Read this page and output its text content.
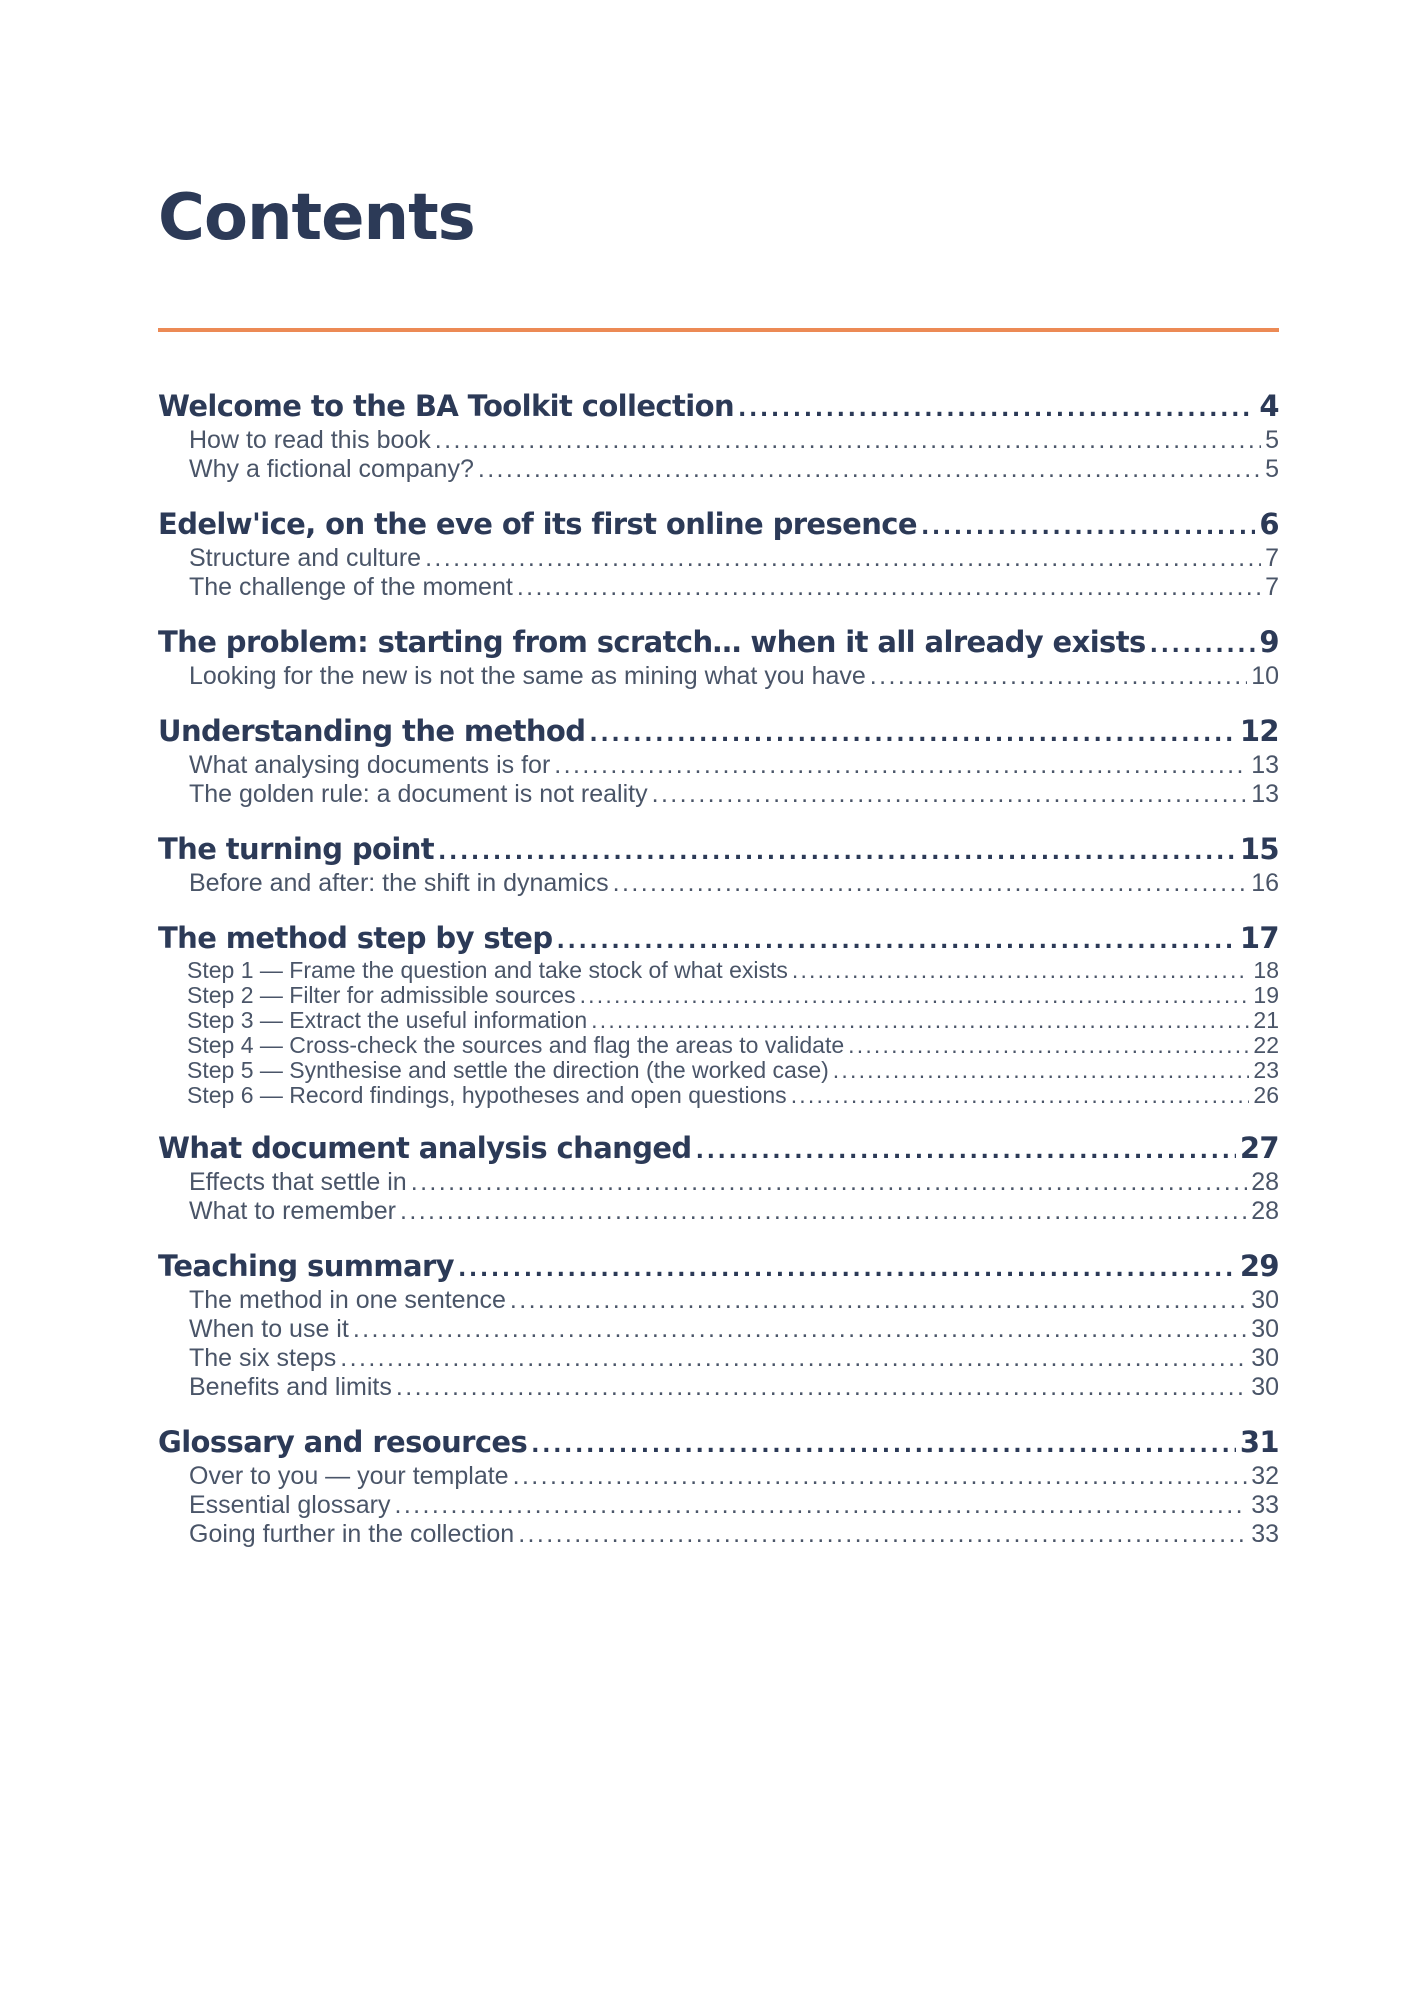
Contents
Welcome to the BA Toolkit collection .....	4
How to read this book .....	5
Why a fictional company? .....	5
Edelw'ice, on the eve of its first online presence .....	6
Structure and culture .....	7
The challenge of the moment .....	7
The problem: starting from scratch… when it all already exists .....	9
Looking for the new is not the same as mining what you have .....	10
Understanding the method .....	12
What analysing documents is for .....	13
The golden rule: a document is not reality .....	13
The turning point .....	15
Before and after: the shift in dynamics .....	16
The method step by step .....	17
Step 1 — Frame the question and take stock of what exists .....	18
Step 2 — Filter for admissible sources .....	19
Step 3 — Extract the useful information .....	21
Step 4 — Cross-check the sources and flag the areas to validate .....	22
Step 5 — Synthesise and settle the direction (the worked case) .....	23
Step 6 — Record findings, hypotheses and open questions .....	26
What document analysis changed .....	27
Effects that settle in .....	28
What to remember .....	28
Teaching summary .....	29
The method in one sentence .....	30
When to use it .....	30
The six steps .....	30
Benefits and limits .....	30
Glossary and resources .....	31
Over to you — your template .....	32
Essential glossary .....	33
Going further in the collection .....	33
